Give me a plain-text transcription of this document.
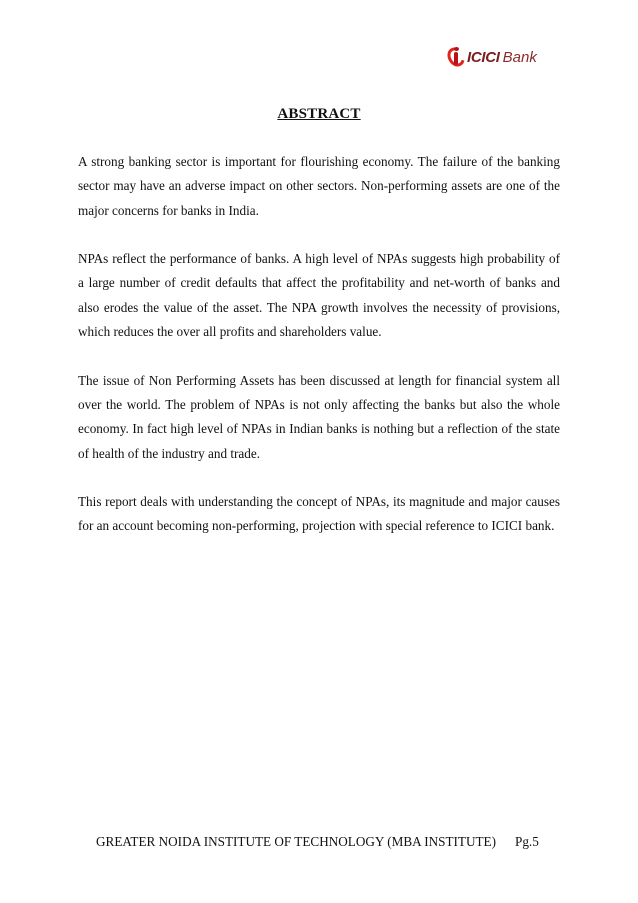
ICICI Bank
ABSTRACT

A strong banking sector is important for flourishing economy. The failure of the banking sector may have an adverse impact on other sectors. Non-performing assets are one of the major concerns for banks in India.

NPAs reflect the performance of banks. A high level of NPAs suggests high probability of a large number of credit defaults that affect the profitability and net-worth of banks and also erodes the value of the asset. The NPA growth involves the necessity of provisions, which reduces the over all profits and shareholders value.

The issue of Non Performing Assets has been discussed at length for financial system all over the world. The problem of NPAs is not only affecting the banks but also the whole economy. In fact high level of NPAs in Indian banks is nothing but a reflection of the state of health of the industry and trade.

This report deals with understanding the concept of NPAs, its magnitude and major causes for an account becoming non-performing, projection with special reference to ICICI bank.

GREATER NOIDA INSTITUTE OF TECHNOLOGY (MBA INSTITUTE) Pg.5
